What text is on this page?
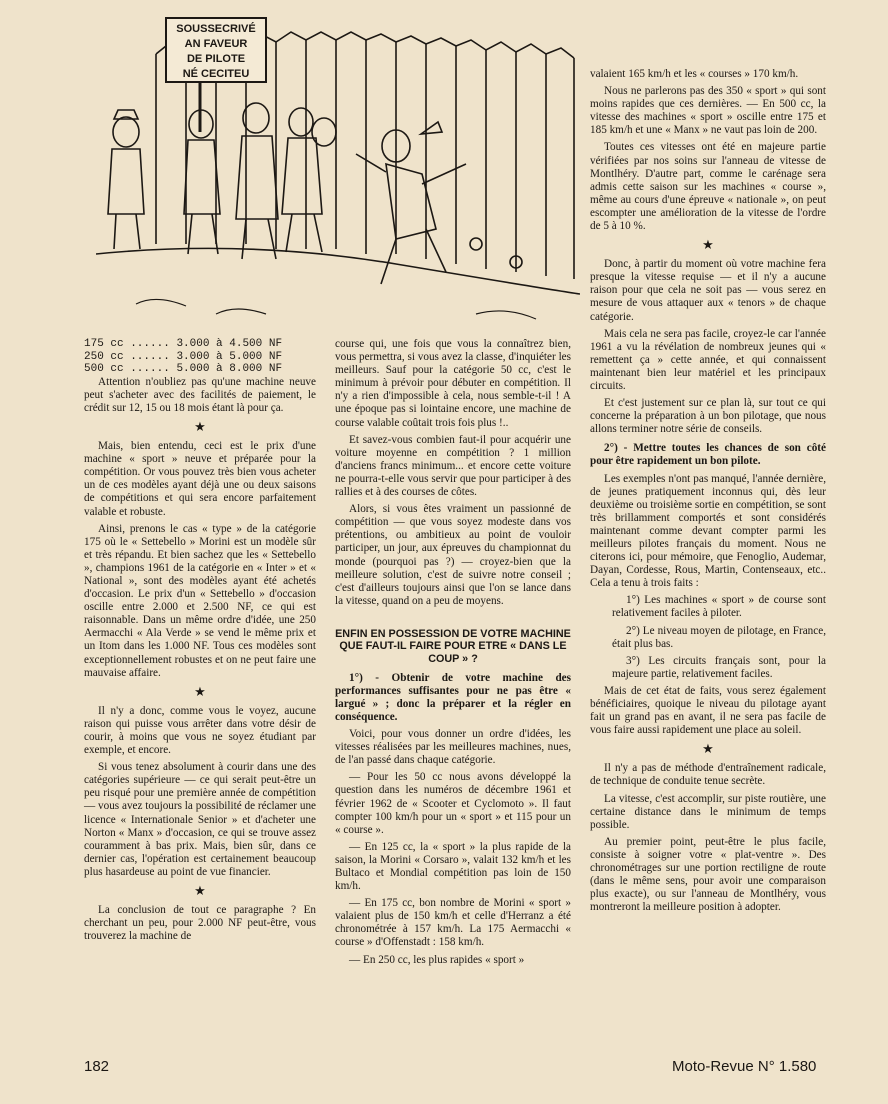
SOUSSECRIVÉ
AN FAVEUR
DE PILOTE
NÉ CECITEU
175 cc ...... 3.000 à 4.500 NF
250 cc ...... 3.000 à 5.000 NF
500 cc ...... 5.000 à 8.000 NF

Attention n'oubliez pas qu'une machine neuve peut s'acheter avec des facilités de paiement, le crédit sur 12, 15 ou 18 mois étant là pour ça.

★

Mais, bien entendu, ceci est le prix d'une machine « sport » neuve et préparée pour la compétition. Or vous pouvez très bien vous acheter un de ces modèles ayant déjà une ou deux saisons de compétitions et qui sera encore parfaitement valable et robuste.

Ainsi, prenons le cas « type » de la catégorie 175 où le « Settebello » Morini est un modèle sûr et très répandu. Et bien sachez que les « Settebello », champions 1961 de la catégorie en « Inter » et « National », sont des modèles ayant été achetés d'occasion. Le prix d'un « Settebello » d'occasion oscille entre 2.000 et 2.500 NF, ce qui est raisonnable. Dans un même ordre d'idée, une 250 Aermacchi « Ala Verde » se vend le même prix et un Itom dans les 1.000 NF. Tous ces modèles sont exceptionnellement robustes et on ne peut faire une mauvaise affaire.

★

Il n'y a donc, comme vous le voyez, aucune raison qui puisse vous arrêter dans votre désir de courir, à moins que vous ne soyez étudiant par exemple, et encore.

Si vous tenez absolument à courir dans une des catégories supérieure — ce qui serait peut-être un peu risqué pour une première année de compétition — vous avez toujours la possibilité de réclamer une licence « Internationale Senior » et d'acheter une Norton « Manx » d'occasion, ce qui se trouve assez couramment à bas prix. Mais, bien sûr, dans ce dernier cas, l'opération est certainement beaucoup plus hasardeuse au point de vue financier.

★

La conclusion de tout ce paragraphe ? En cherchant un peu, pour 2.000 NF peut-être, vous trouverez la machine de

course qui, une fois que vous la connaîtrez bien, vous permettra, si vous avez la classe, d'inquiéter les meilleurs. Sauf pour la catégorie 50 cc, c'est le minimum à prévoir pour débuter en compétition. Il n'y a rien d'impossible à cela, nous semble-t-il ! A une époque pas si lointaine encore, une machine de course valable coûtait trois fois plus !..

Et savez-vous combien faut-il pour acquérir une voiture moyenne en compétition ? 1 million d'anciens francs minimum... et encore cette voiture ne pourra-t-elle vous servir que pour participer à des rallies et à des courses de côtes.

Alors, si vous êtes vraiment un passionné de compétition — que vous soyez modeste dans vos prétentions, ou ambitieux au point de vouloir participer, un jour, aux épreuves du championnat du monde (pourquoi pas ?) — croyez-bien que la meilleure solution, c'est de suivre notre conseil ; c'est d'ailleurs toujours ainsi que l'on se lance dans la vitesse, quand on a peu de moyens.

ENFIN EN POSSESSION DE VOTRE MACHINE QUE FAUT-IL FAIRE POUR ETRE « DANS LE COUP » ?

1°) - Obtenir de votre machine des performances suffisantes pour ne pas être « largué » ; donc la préparer et la régler en conséquence.

Voici, pour vous donner un ordre d'idées, les vitesses réalisées par les meilleures machines, nues, de l'an passé dans chaque catégorie.

— Pour les 50 cc nous avons développé la question dans les numéros de décembre 1961 et février 1962 de « Scooter et Cyclomoto ». Il faut compter 100 km/h pour un « sport » et 115 pour un « course ».

— En 125 cc, la « sport » la plus rapide de la saison, la Morini « Corsaro », valait 132 km/h et les Bultaco et Mondial compétition pas loin de 150 km/h.

— En 175 cc, bon nombre de Morini « sport » valaient plus de 150 km/h et celle d'Herranz a été chronométrée à 157 km/h. La 175 Aermacchi « course » d'Offenstadt : 158 km/h.

— En 250 cc, les plus rapides « sport »

valaient 165 km/h et les « courses » 170 km/h.

Nous ne parlerons pas des 350 « sport » qui sont moins rapides que ces dernières. — En 500 cc, la vitesse des machines « sport » oscille entre 175 et 185 km/h et une « Manx » ne vaut pas loin de 200.

Toutes ces vitesses ont été en majeure partie vérifiées par nos soins sur l'anneau de vitesse de Montlhéry. D'autre part, comme le carénage sera admis cette saison sur les machines « course », même au cours d'une épreuve « nationale », on peut escompter une amélioration de la vitesse de l'ordre de 5 à 10 %.

★

Donc, à partir du moment où votre machine fera presque la vitesse requise — et il n'y a aucune raison pour que cela ne soit pas — vous serez en mesure de vous attaquer aux « tenors » de chaque catégorie.

Mais cela ne sera pas facile, croyez-le car l'année 1961 a vu la révélation de nombreux jeunes qui « remettent ça » cette année, et qui connaissent maintenant bien leur matériel et les principaux circuits.

Et c'est justement sur ce plan là, sur tout ce qui concerne la préparation à un bon pilotage, que nous allons terminer notre série de conseils.

2°) - Mettre toutes les chances de son côté pour être rapidement un bon pilote.

Les exemples n'ont pas manqué, l'année dernière, de jeunes pratiquement inconnus qui, dès leur deuxième ou troisième sortie en compétition, se sont très brillamment comportés et sont considérés maintenant comme devant compter parmi les meilleurs pilotes français du moment. Nous ne citerons ici, pour mémoire, que Fenoglio, Audemar, Dayan, Cordesse, Rous, Martin, Contenseaux, etc.. Cela a tenu à trois faits :

1°) Les machines « sport » de course sont relativement faciles à piloter.

2°) Le niveau moyen de pilotage, en France, était plus bas.

3°) Les circuits français sont, pour la majeure partie, relativement faciles.

Mais de cet état de faits, vous serez également bénéficiaires, quoique le niveau du pilotage ayant fait un grand pas en avant, il ne sera pas facile de vous faire aussi rapidement une place au soleil.

★

Il n'y a pas de méthode d'entraînement radicale, de technique de conduite tenue secrète.

La vitesse, c'est accomplir, sur piste routière, une certaine distance dans le minimum de temps possible.

Au premier point, peut-être le plus facile, consiste à soigner votre « plat-ventre ». Des chronométrages sur une portion rectiligne de route (dans le même sens, pour avoir une comparaison plus exacte), ou sur l'anneau de Montlhéry, vous montreront la meilleure position à adopter.

182	Moto-Revue N° 1.580
